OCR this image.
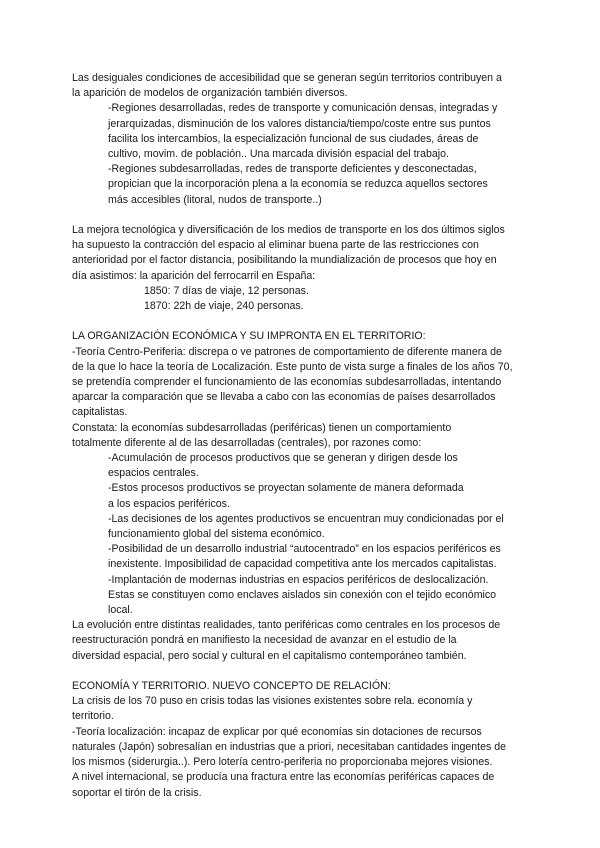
Las desiguales condiciones de accesibilidad que se generan según territorios contribuyen a
la aparición de modelos de organización también diversos.

-Regiones desarrolladas, redes de transporte y comunicación densas, integradas y
jerarquizadas, disminución de los valores distancia/tiempo/coste entre sus puntos
facilita los intercambios, la especialización funcional de sus ciudades, áreas de
cultivo, movim. de población.. Una marcada división espacial del trabajo.

-Regiones subdesarrolladas, redes de transporte deficientes y desconectadas,
propician que la incorporación plena a la economía se reduzca aquellos sectores
más accesibles (litoral, nudos de transporte..)

La mejora tecnológica y diversificación de los medios de transporte en los dos últimos siglos
ha supuesto la contracción del espacio al eliminar buena parte de las restricciones con
anterioridad por el factor distancia, posibilitando la mundialización de procesos que hoy en
día asistimos: la aparición del ferrocarril en España:

1850: 7 días de viaje, 12 personas.

1870: 22h de viaje, 240 personas.

LA ORGANIZACIÓN ECONÓMICA Y SU IMPRONTA EN EL TERRITORIO:

-Teoría Centro-Periferia: discrepa o ve patrones de comportamiento de diferente manera de
de la que lo hace la teoría de Localización. Este punto de vista surge a finales de los años 70,
se pretendía comprender el funcionamiento de las economías subdesarrolladas, intentando
aparcar la comparación que se llevaba a cabo con las economías de países desarrollados
capitalistas.

Constata: la economías subdesarrolladas (periféricas) tienen un comportamiento
totalmente diferente al de las desarrolladas (centrales), por razones como:

-Acumulación de procesos productivos que se generan y dirigen desde los
espacios centrales.

-Estos procesos productivos se proyectan solamente de manera deformada
a los espacios periféricos.

-Las decisiones de los agentes productivos se encuentran muy condicionadas por el
funcionamiento global del sistema económico.

-Posibilidad de un desarrollo industrial “autocentrado” en los espacios periféricos es
inexistente. Imposibilidad de capacidad competitiva ante los mercados capitalistas.

-Implantación de modernas industrias en espacios periféricos de deslocalización.
Estas se constituyen como enclaves aislados sin conexión con el tejido económico
local.

La evolución entre distintas realidades, tanto periféricas como centrales en los procesos de
reestructuración pondrá en manifiesto la necesidad de avanzar en el estudio de la
diversidad espacial, pero social y cultural en el capitalismo contemporáneo también.

ECONOMÍA Y TERRITORIO. NUEVO CONCEPTO DE RELACIÓN:

La crisis de los 70 puso en crisis todas las visiones existentes sobre rela. economía y
territorio.

-Teoría localización: incapaz de explicar por qué economías sin dotaciones de recursos
naturales (Japón) sobresalían en industrias que a priori, necesitaban cantidades ingentes de
los mismos (siderurgia..). Pero lotería centro-periferia no proporcionaba mejores visiones.

A nivel internacional, se producía una fractura entre las economías periféricas capaces de
soportar el tirón de la crisis.
